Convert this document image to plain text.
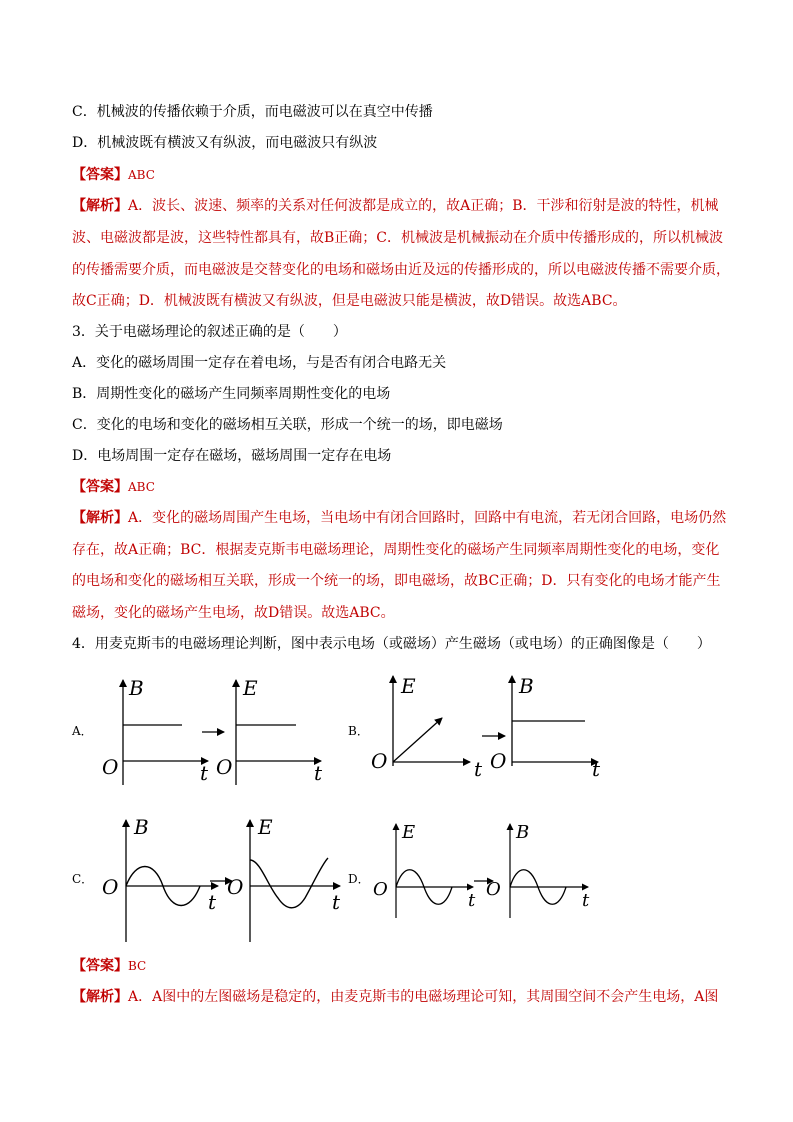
C．机械波的传播依赖于介质，而电磁波可以在真空中传播
D．机械波既有横波又有纵波，而电磁波只有纵波
【答案】ABC
【解析】A．波长、波速、频率的关系对任何波都是成立的，故A正确；B．干涉和衍射是波的特性，机械
波、电磁波都是波，这些特性都具有，故B正确；C．机械波是机械振动在介质中传播形成的，所以机械波
的传播需要介质，而电磁波是交替变化的电场和磁场由近及远的传播形成的，所以电磁波传播不需要介质，
故C正确；D．机械波既有横波又有纵波，但是电磁波只能是横波，故D错误。故选ABC。
3．关于电磁场理论的叙述正确的是（　　）
A．变化的磁场周围一定存在着电场，与是否有闭合电路无关
B．周期性变化的磁场产生同频率周期性变化的电场
C．变化的电场和变化的磁场相互关联，形成一个统一的场，即电磁场
D．电场周围一定存在磁场，磁场周围一定存在电场
【答案】ABC
【解析】A．变化的磁场周围产生电场，当电场中有闭合回路时，回路中有电流，若无闭合回路，电场仍然
存在，故A正确；BC．根据麦克斯韦电磁场理论，周期性变化的磁场产生同频率周期性变化的电场，变化
的电场和变化的磁场相互关联，形成一个统一的场，即电磁场，故BC正确；D．只有变化的电场才能产生
磁场，变化的磁场产生电场，故D错误。故选ABC。
4．用麦克斯韦的电磁场理论判断，图中表示电场（或磁场）产生磁场（或电场）的正确图像是（　　）
A．	B．
C．	D．
B
O	t
E
O	t
E
O	t
B
O	t
B
O
t
E
O
t
E
O
t
B
O
t
【答案】BC
【解析】A．A图中的左图磁场是稳定的，由麦克斯韦的电磁场理论可知，其周围空间不会产生电场，A图
